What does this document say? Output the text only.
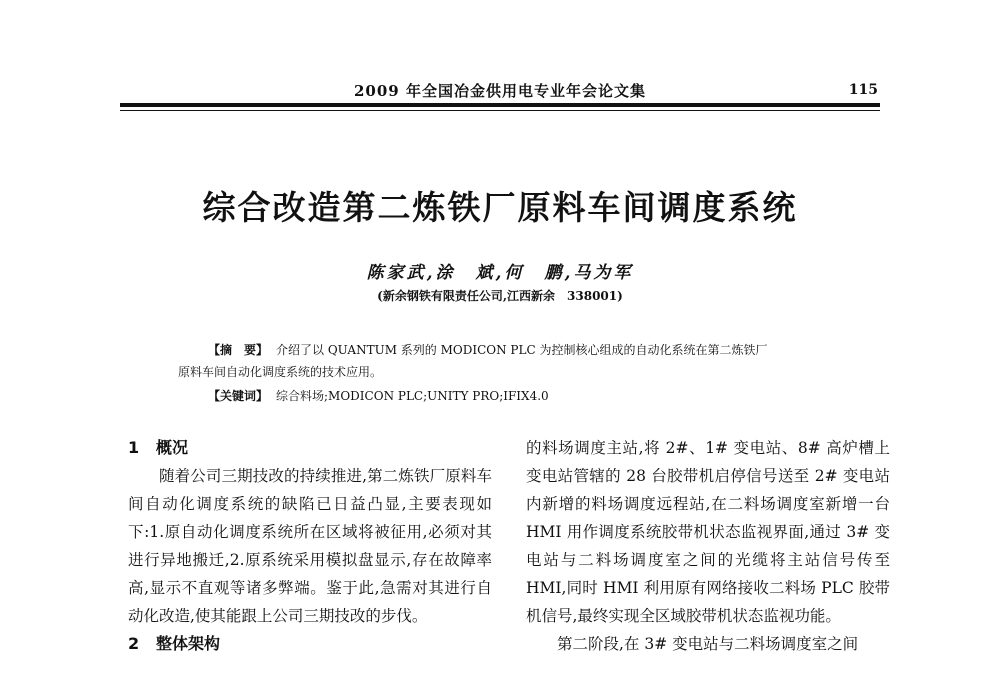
2009 年全国冶金供用电专业年会论文集	115
综合改造第二炼铁厂原料车间调度系统
陈家武,涂　斌,何　鹏,马为军
(新余钢铁有限责任公司,江西新余　338001)
【摘　要】 介绍了以 QUANTUM 系列的 MODICON PLC 为控制核心组成的自动化系统在第二炼铁厂
原料车间自动化调度系统的技术应用。
【关键词】 综合料场;MODICON PLC;UNITY PRO;IFIX4.0
1 概况
随着公司三期技改的持续推进,第二炼铁厂原料车间自动化调度系统的缺陷已日益凸显,主要表现如下:1.原自动化调度系统所在区域将被征用,必须对其进行异地搬迁,2.原系统采用模拟盘显示,存在故障率高,显示不直观等诸多弊端。鉴于此,急需对其进行自动化改造,使其能跟上公司三期技改的步伐。
2 整体架构
的料场调度主站,将 2#、1# 变电站、8# 高炉槽上变电站管辖的 28 台胶带机启停信号送至 2# 变电站内新增的料场调度远程站,在二料场调度室新增一台 HMI 用作调度系统胶带机状态监视界面,通过 3# 变电站与二料场调度室之间的光缆将主站信号传至 HMI,同时 HMI 利用原有网络接收二料场 PLC 胶带机信号,最终实现全区域胶带机状态监视功能。
第二阶段,在 3# 变电站与二料场调度室之间
